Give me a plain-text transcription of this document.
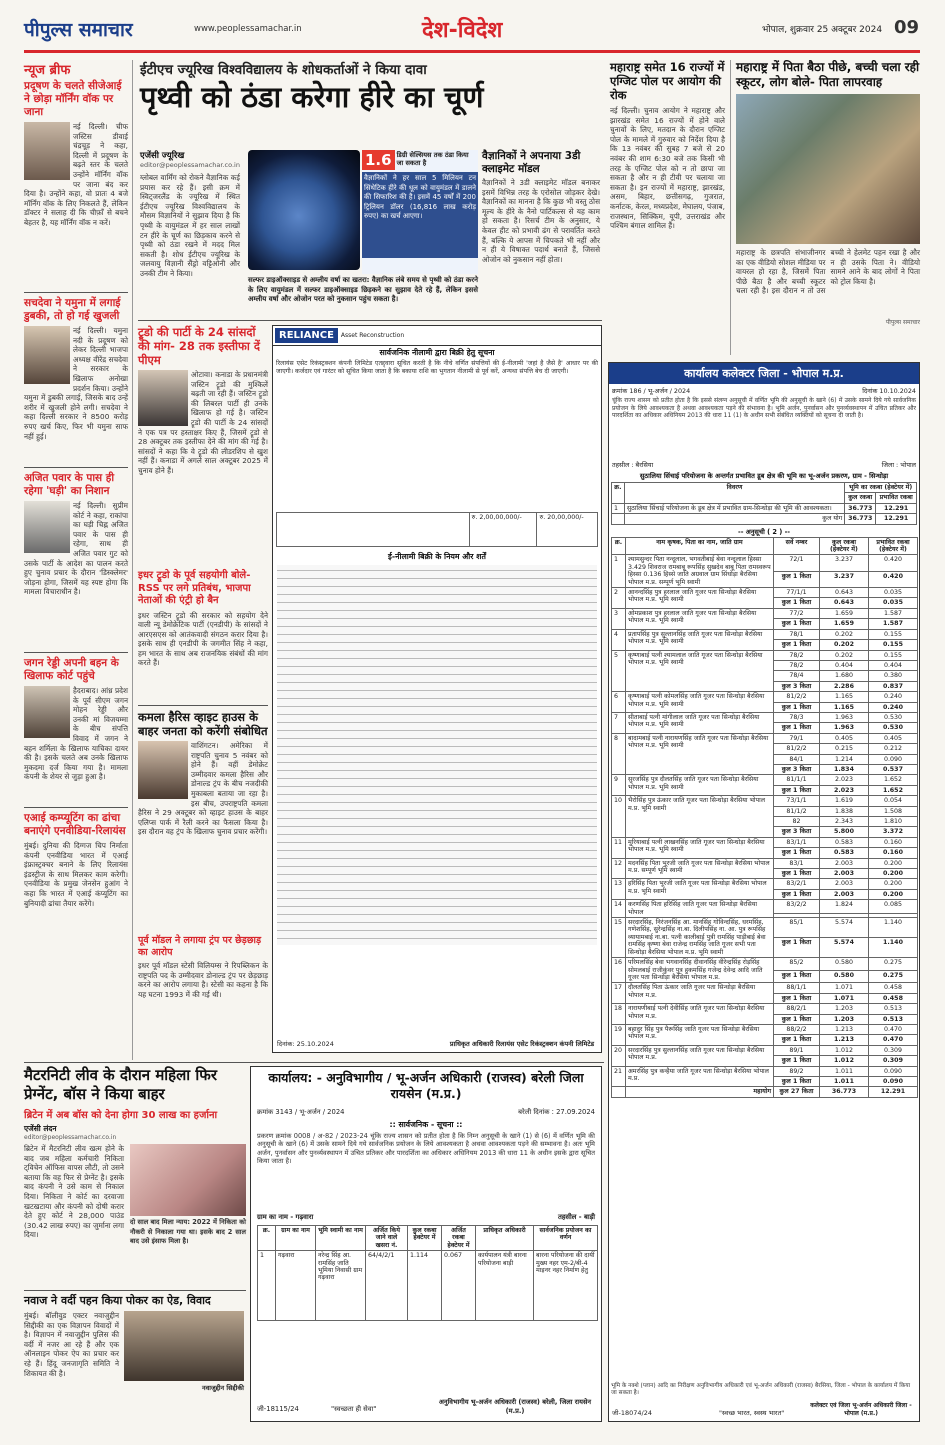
पीपुल्स समाचार	www.peoplessamachar.in	देश-विदेश	भोपाल, शुक्रवार 25 अक्टूबर 2024 09
न्यूज ब्रीफ
प्रदूषण के चलते सीजेआई ने छोड़ा मॉर्निंग वॉक पर जाना
नई दिल्ली। चीफ जस्टिस डीवाई चंद्रचूड़ ने कहा, दिल्ली में प्रदूषण के बढ़ते स्तर के चलते उन्होंने मॉर्निंग वॉक पर जाना बंद कर दिया है। उन्होंने कहा, वो प्रातः 4 बजे मॉर्निंग वॉक के लिए निकलते हैं, लेकिन डॉक्टर ने सलाह दी कि चीफ़ाँ से बचने बेहतर है, यह मॉर्निंग वॉक न करें।
सचदेवा ने यमुना में लगाई डुबकी, तो हो गई खुजली
नई दिल्ली। यमुना नदी के प्रदूषण को लेकर दिल्ली भाजपा अध्यक्ष वीरेंद्र सचदेवा ने सरकार के खिलाफ अनोखा प्रदर्शन किया। उन्होंने यमुना में डुबकी लगाई, जिसके बाद उन्हें शरीर में खुजली होने लगी। सचदेवा ने कहा दिल्ली सरकार ने 8500 करोड़ रुपए खर्च किए, फिर भी यमुना साफ नहीं हुई।
अजित पवार के पास ही रहेगा 'घड़ी' का निशान
नई दिल्ली। सुप्रीम कोर्ट ने कहा, राकांपा का घड़ी चिह्न अजित पवार के पास ही रहेगा, साथ ही अजित पवार गुट को उसके पार्टी के आदेश का पालन करते हुए चुनाव प्रचार के दौरान 'डिस्क्लेमर' जोड़ना होगा, जिसमें यह स्पष्ट होगा कि मामला विचाराधीन है।
जगन रेड्डी अपनी बहन के खिलाफ कोर्ट पहुंचे
हैदराबाद। आंध्र प्रदेश के पूर्व सीएम जगन मोहन रेड्डी और उनकी मां विजयम्मा के बीच संपत्ति विवाद में जगन ने बहन शर्मिला के खिलाफ याचिका दायर की है। इसके चलते अब उनके खिलाफ मुकदमा दर्ज किया गया है। मामला कंपनी के शेयर से जुड़ा हुआ है।
एआई कम्प्यूटिंग का ढांचा बनाएंगे एनवीडिया-रिलायंस
मुंबई। दुनिया की दिग्गज चिप निर्माता कंपनी एनवीडिया भारत में एआई इंफ्रास्ट्रक्चर बनाने के लिए रिलायंस इंडस्ट्रीज के साथ मिलकर काम करेगी। एनवीडिया के प्रमुख जेनसेन हुआंग ने कहा कि भारत में एआई कंप्यूटिंग का बुनियादी ढांचा तैयार करेंगे।
ईटीएच ज्यूरिख विश्वविद्यालय के शोधकर्ताओं ने किया दावा
पृथ्वी को ठंडा करेगा हीरे का चूर्ण
एजेंसी ज्यूरिख
editor@peoplessamachar.co.in
ग्लोबल वार्मिंग को रोकने वैज्ञानिक कई प्रयास कर रहे हैं। इसी क्रम में स्विट्जरलैंड के ज्यूरिख में स्थित ईटीएच ज्यूरिख विश्वविद्यालय के मौसम विज्ञानियों ने सुझाव दिया है कि पृथ्वी के वायुमंडल में हर साल लाखों टन हीरे के चूर्ण का छिड़काव करने से पृथ्वी को ठंडा रखने में मदद मिल सकती है। शोध ईटीएच ज्यूरिख के जलवायु विज्ञानी सैंड्रो वट्टिओनी और उनकी टीम ने किया।
1.6 डिग्री सेल्सियस तक ठंडा किया जा सकता है
वैज्ञानिकों ने हर साल 5 मिलियन टन सिंथेटिक हीरे की धूल को वायुमंडल में डालने की सिफारिश की है। इसमें 45 वर्षों में 200 ट्रिलियन डॉलर (16,816 लाख करोड़ रुपए) का खर्च आएगा।
सल्फर डाइऑक्साइड से अम्लीय वर्षा का खतरा: वैज्ञानिक लंबे समय से पृथ्वी को ठंडा करने के लिए वायुमंडल में सल्फर डाइऑक्साइड छिड़कने का सुझाव देते रहे हैं, लेकिन इससे अम्लीय वर्षा और ओजोन परत को नुकसान पहुंच सकता है।
वैज्ञानिकों ने अपनाया 3डी क्लाइमेट मॉडल
वैज्ञानिकों ने 3डी क्लाइमेट मॉडल बनाकर इसमें विभिन्न तरह के एरोसोल जोड़कर देखे। वैज्ञानिकों का मानना है कि कुछ भी वस्तु ठोस मूल्य के हीरे के नैनो पार्टिकल्स से यह काम हो सकता है। रिसर्च टीम के अनुसार, ये केवल हीट को प्रभावी ढंग से परावर्तित करते हैं, बल्कि ये आपस में चिपकते भी नहीं और न ही ये विषाक्त पदार्थ बनाते हैं, जिससे ओजोन को नुकसान नहीं होता।
ट्रूडो की पार्टी के 24 सांसदों की मांग- 28 तक इस्तीफा दें पीएम
ओटावा। कनाडा के प्रधानमंत्री जस्टिन ट्रूडो की मुश्किलें बढ़ती जा रही हैं। जस्टिन ट्रूडो की लिबरल पार्टी ही उनके खिलाफ हो गई है। जस्टिन ट्रूडो की पार्टी के 24 सांसदों ने एक पत्र पर हस्ताक्षर किए हैं, जिसमें ट्रूडो से 28 अक्टूबर तक इस्तीफा देने की मांग की गई है। सांसदों ने कहा कि वे ट्रूडो की लीडरशिप से खुश नहीं हैं। कनाडा में अगले साल अक्टूबर 2025 में चुनाव होने हैं।
इधर ट्रूडो के पूर्व सहयोगी बोले- RSS पर लगे प्रतिबंध, भाजपा नेताओं की एंट्री हो बैन
इधर जस्टिन ट्रूडो की सरकार को सहयोग देने वाली न्यू डेमोक्रेटिक पार्टी (एनडीपी) के सांसदों ने आरएसएस को आतंकवादी संगठन करार दिया है। इसके साथ ही एनडीपी के जगमीत सिंह ने कहा, हम भारत के साथ अब राजनयिक संबंधों की मांग करते हैं।
कमला हैरिस व्हाइट हाउस के बाहर जनता को करेंगी संबोधित
वाशिंगटन। अमेरिका में राष्ट्रपति चुनाव 5 नवंबर को होने हैं। वहीं डेमोक्रेट उम्मीदवार कमला हैरिस और डोनाल्ड ट्रंप के बीच नजदीकी मुकाबला बताया जा रहा है। इस बीच, उपराष्ट्रपति कमला हैरिस ने 29 अक्टूबर को व्हाइट हाउस के बाहर एलिप्स पार्क में रैली करने का फैसला किया है। इस दौरान वह ट्रंप के खिलाफ चुनाव प्रचार करेंगी।
पूर्व मॉडल ने लगाया ट्रंप पर छेड़छाड़ का आरोप
इधर पूर्व मॉडल स्टेसी विलियम्स ने रिपब्लिकन के राष्ट्रपति पद के उम्मीदवार डोनाल्ड ट्रंप पर छेड़छाड़ करने का आरोप लगाया है। स्टेसी का कहना है कि यह घटना 1993 में की गई थी।
RELIANCE	Asset Reconstruction
सार्वजनिक नीलामी द्वारा बिक्री हेतु सूचना
रिलायंस एसेट रिकंस्ट्रक्शन कंपनी लिमिटेड एतद्द्वारा सूचित करती है कि नीचे वर्णित संपत्तियों की ई-नीलामी 'जहां है जैसे है' आधार पर की जाएगी। कर्जदार एवं गारंटर को सूचित किया जाता है कि बकाया राशि का भुगतान नीलामी से पूर्व करें, अन्यथा संपत्ति बेच दी जाएगी।
	रु. 2,00,00,000/-	रु. 20,00,000/-
ई-नीलामी बिक्री के नियम और शर्तें
दिनांक: 25.10.2024	प्राधिकृत अधिकारी रिलायंस एसेट रिकंस्ट्रक्शन कंपनी लिमिटेड
महाराष्ट्र समेत 16 राज्यों में एग्जिट पोल पर आयोग की रोक
नई दिल्ली। चुनाव आयोग ने महाराष्ट्र और झारखंड समेत 16 राज्यों में होने वाले चुनावों के लिए, मतदान के दौरान एग्जिट पोल के मामले में गुरुवार को निर्देश दिया है कि 13 नवंबर की सुबह 7 बजे से 20 नवंबर की शाम 6:30 बजे तक किसी भी तरह के एग्जिट पोल को न तो छापा जा सकता है और न ही टीवी पर चलाया जा सकता है। इन राज्यों में महाराष्ट्र, झारखंड, असम, बिहार, छत्तीसगढ़, गुजरात, कर्नाटक, केरल, मध्यप्रदेश, मेघालय, पंजाब, राजस्थान, सिक्किम, यूपी, उत्तराखंड और पश्चिम बंगाल शामिल हैं।
महाराष्ट्र में पिता बैठा पीछे, बच्ची चला रही स्कूटर, लोग बोले- पिता लापरवाह
महाराष्ट्र के छत्रपति संभाजीनगर का एक वीडियो सोशल मीडिया पर वायरल हो रहा है, जिसमें पिता पीछे बैठा है और बच्ची स्कूटर चला रही है। इस दौरान न तो उस बच्ची ने हेलमेट पहन रखा है और न ही उसके पिता ने। वीडियो सामने आने के बाद लोगों ने पिता को ट्रोल किया है।
पीपुल्स समाचार
कार्यालय कलेक्टर जिला - भोपाल म.प्र.
क्रमांक 186 / भू-अर्जन / 2024	दिनांक 10.10.2024
चूंकि राज्य शासन को प्रतीत होता है कि इससे संलग्न अनुसूची में वर्णित भूमि की अनुसूची के खाने (6) में उसके सामने दिये गये सार्वजनिक प्रयोजन के लिये आवश्यकता है अथवा आवश्यकता पड़ने की संभावना है। भूमि अर्जन, पुनर्वासन और पुनर्व्यवस्थापन में उचित प्रतिकर और पारदर्शिता का अधिकार अधिनियम 2013 की धारा 11 (1) के अधीन सभी संबंधित व्यक्तियों को सूचना दी जाती है।
तहसील : बैरसिया	जिला : भोपाल
सुठालिया सिंचाई परियोजना के अन्तर्गत प्रभावित डूब क्षेत्र की भूमि का भू-अर्जन प्रकरण, ग्राम - सिन्धोड़ा
क्र.	विवरण	भूमि का रकबा (हेक्टेयर में)	
		कुल रकबा	प्रभावित रकबा
1	सुठालिया सिंचाई परियोजना के डूब क्षेत्र में प्रभावित ग्राम-सिन्धोड़ा की भूमि की आवश्यकता।	36.773	12.291
	कुल योग	36.773	12.291
-- अनुसूची ( 2 ) --
क्र.	नाम कृषक, पिता का नाम, जाति ग्राम	सर्वे नम्बर	कुल रकबा (हेक्टेयर में)	प्रभावित रकबा (हेक्टेयर में)
1	श्यामसुन्दर पिता नन्दूलाल, भगवतीबाई बेवा नन्दूलाल हिस्सा 3.429 शिवराज रामबाबू रूपसिंह सुखदेव बाबू पिता रामस्वरूप हिस्सा 0.136 हिस्से जाति अग्रवाल ग्राम सिंधोड़ा बैरसिया भोपाल म.प्र. सम्पूर्ण भूमि स्वामी	72/1	3.237	0.420
		कुल 1 किता	3.237	0.420
2	आनन्दसिंह पुत्र हरलाल जाति गूजर पता सिन्धोड़ा बैरसिया भोपाल म.प्र. भूमि स्वामी	77/1/1	0.643	0.035
		कुल 1 किता	0.643	0.035
3	ओमप्रकाश पुत्र हरलाल जाति गूजर पता सिन्धोड़ा बैरसिया भोपाल म.प्र. भूमि स्वामी	77/2	1.659	1.587
		कुल 1 किता	1.659	1.587
4	प्रतापसिंह पुत्र सुल्तानसिंह जाति गूजर पता सिन्धोड़ा बैरसिया भोपाल म.प्र. भूमि स्वामी	78/1	0.202	0.155
		कुल 1 किता	0.202	0.155
5	कृष्णाबाई पत्नी श्यामलाल जाति गूजर पता सिन्धोड़ा बैरसिया भोपाल म.प्र. भूमि स्वामी	78/2	0.202	0.155
		78/2	0.404	0.404
		78/4	1.680	0.380
		कुल 3 किता	2.286	0.837
6	कृष्णाबाई पत्नी कोमलसिंह जाति गूजर पता सिन्धोड़ा बैरसिया भोपाल म.प्र. भूमि स्वामी	81/2/2	1.165	0.240
		कुल 1 किता	1.165	0.240
7	सीताबाई पत्नी मांगीलाल जाति गूजर पता सिन्धोड़ा बैरसिया भोपाल म.प्र. भूमि स्वामी	78/3	1.963	0.530
		कुल 1 किता	1.963	0.530
8	बादामबाई पत्नी नारायणसिंह जाति गूजर पता सिन्धोड़ा बैरसिया भोपाल म.प्र. भूमि स्वामी	79/1	0.405	0.405
		81/2/2	0.215	0.212
		84/1	1.214	0.090
		कुल 3 किता	1.834	0.537
9	सुरजसिंह पुत्र दौलतसिंह जाति गूजर पता सिन्धोड़ा बैरसिया भोपाल म.प्र. भूमि स्वामी	81/1/1	2.023	1.652
		कुल 1 किता	2.023	1.652
10	भैरोसिंह पुत्र ऊंकार जाति गूजर पता सिन्धोड़ा बैरसिया भोपाल म.प्र. भूमि स्वामी	73/1/1	1.619	0.054
		81/1/2	1.838	1.508
		82	2.343	1.810
		कुल 3 किता	5.800	3.372
11	मुरियाबाई पत्नी लाखनसिंह जाति गूजर पता सिन्धोड़ा बैरसिया भोपाल म.प्र. भूमि स्वामी	83/1/1	0.583	0.160
		कुल 1 किता	0.583	0.160
12	मदनसिंह पिता भूरजी जाति गूजर पता सिन्धोड़ा बैरसिया भोपाल म.प्र. सम्पूर्ण भूमि स्वामी	83/1	2.003	0.200
		कुल 1 किता	2.003	0.200
13	हरिसिंह पिता भूरजी जाति गूजर पता सिन्धोड़ा बैरसिया भोपाल म.प्र. भूमि स्वामी	83/2/1	2.003	0.200
		कुल 1 किता	2.003	0.200
14	करणसिंह पिता हरिसिंह जाति गूजर पता सिन्धोड़ा बैरसिया भोपाल	83/2/2	1.824	0.085

15	सरदारसिंह, निरंजनसिंह आ. मानसिंह गोविन्दसिंह, धरमसिंह, गणेशसिंह, सुरेन्द्रसिंह ना.बा. दिलीपसिंह ना. आ. पुत्र रूपसिंह व्यायामबाई ना.बा. पत्नी कालीबाई पुत्री रामसिंह पाड़ीबाई बेवा रामसिंह कृष्णा बेवा राजेन्द्र रामसिंह जाति गूजर सभी पता सिन्धोड़ा बैरसिया भोपाल म.प्र. भूमि स्वामी	85/1	5.574	1.140
		कुल 1 किता	5.574	1.140
16	परिमलसिंह बेवा भगवानसिंह दीवानसिंह वीरेन्द्रसिंह रोड़सिंह सोमलबाई राजीकुंवर पुत्र हुकमसिंह गजेन्द्र देवेन्द्र आदि जाति गूजर पता सिन्धोड़ा बैरसिया भोपाल म.प्र.	85/2	0.580	0.275
		कुल 1 किता	0.580	0.275
17	दौलतसिंह पिता ऊंकार जाति गूजर पता सिन्धोड़ा बैरसिया भोपाल म.प्र.	88/1/1	1.071	0.458
		कुल 1 किता	1.071	0.458
18	नारायणीबाई पत्नी देवीसिंह जाति गूजर पता सिन्धोड़ा बैरसिया भोपाल म.प्र.	88/2/1	1.203	0.513
		कुल 1 किता	1.203	0.513
19	बहादुर सिंह पुत्र पैरूसिंह जाति गूजर पता सिन्धोड़ा बैरसिया भोपाल म.प्र.	88/2/2	1.213	0.470
		कुल 1 किता	1.213	0.470
20	सरदारसिंह पुत्र सुल्तानसिंह जाति गूजर पता सिन्धोड़ा बैरसिया भोपाल म.प्र.	89/1	1.012	0.309
		कुल 1 किता	1.012	0.309
21	अमरसिंह पुत्र कन्हैया जाति गूजर पता सिन्धोड़ा बैरसिया भोपाल म.प्र.	89/2	1.011	0.090
		कुल 1 किता	1.011	0.090
	महायोग	कुल 27 किता	36.773	12.291
भूमि के नक्शे (प्लान) आदि का निरीक्षण अनुविभागीय अधिकारी एवं भू-अर्जन अधिकारी (राजस्व) बैरसिया, जिला - भोपाल के कार्यालय में किया जा सकता है।
जी-18074/24	"स्वच्छ भारत, स्वस्थ भारत"
कलेक्टर एवं जिला भू-अर्जन अधिकारी जिला - भोपाल (म.प्र.)
मैटरनिटी लीव के दौरान महिला फिर प्रेग्नेंट, बॉस ने किया बाहर
ब्रिटेन में अब बॉस को देना होगा 30 लाख का हर्जाना
एजेंसी लंदन
editor@peoplessamachar.co.in
ब्रिटेन में मैटरनिटी लीव खत्म होने के बाद जब महिला कर्मचारी निकिता ट्विचेन ऑफिस वापस लौटी, तो उसने बताया कि वह फिर से प्रेग्नेंट है। इसके बाद कंपनी ने उसे काम से निकाल दिया। निकिता ने कोर्ट का दरवाजा खटखटाया और कंपनी को दोषी करार देते हुए कोर्ट ने 28,000 पाउंड (30.42 लाख रुपए) का जुर्माना लगा दिया।
दो साल बाद मिला न्याय: 2022 में निकिता को नौकरी से निकाला गया था। इसके बाद 2 साल बाद उसे इंसाफ मिला है।
नवाज ने वर्दी पहन किया पोकर का ऐड, विवाद
मुंबई। बॉलीवुड एक्टर नवाजुद्दीन सिद्दीकी का एक विज्ञापन विवादों में है। विज्ञापन में नवाजुद्दीन पुलिस की वर्दी में नजर आ रहे हैं और एक ऑनलाइन पोकर ऐप का प्रचार कर रहे हैं। हिंदू जनजागृति समिति ने शिकायत की है।
नवाजुद्दीन सिद्दीकी
कार्यालय: - अनुविभागीय / भू-अर्जन अधिकारी (राजस्व) बरेली जिला रायसेन (म.प्र.)
क्रमांक 3143 / भू-अर्जन / 2024	बरेली दिनांक : 27.09.2024
:: सार्वजनिक - सूचना ::
प्रकरण क्रमांक 0008 / अ-82 / 2023-24 चूंकि राज्य शासन को प्रतीत होता है कि निम्न अनुसूची के खाने (1) से (6) में वर्णित भूमि की अनुसूची के खाने (6) में उसके सामने दिये गये सार्वजनिक प्रयोजन के लिये आवश्यकता है अथवा आवश्यकता पड़ने की सम्भावना है। अतः भूमि अर्जन, पुनर्वासन और पुनर्व्यवस्थापन में उचित प्रतिकर और पारदर्शिता का अधिकार अधिनियम 2013 की धारा 11 के अधीन इसके द्वारा सूचित किया जाता है।
ग्राम का नाम - गढ़वारा	तहसील - बाड़ी
क्र.	ग्राम का नाम	भूमि स्वामी का नाम	अर्जित किये जाने वाले खसरा नं.	कुल रकबा हेक्टेयर में	अर्जित रकबा हेक्टेयर में	प्राधिकृत अधिकारी	सार्वजनिक प्रयोजन का वर्णन
1	गढ़वारा	नरेन्द्र सिंह आ. रामसिंह जाति भूमिया निवासी ग्राम गढ़वारा	64/4/2/1	1.114	0.067	कार्यपालन यंत्री बारना परियोजना बाड़ी	बारना परियोजना की दायीं मुख्य नहर एम-2/बी-4 माइनर नहर निर्माण हेतु
जी-18115/24	"स्वच्छता ही सेवा"
अनुविभागीय भू-अर्जन अधिकारी (राजस्व) बरेली, जिला रायसेन (म.प्र.)
